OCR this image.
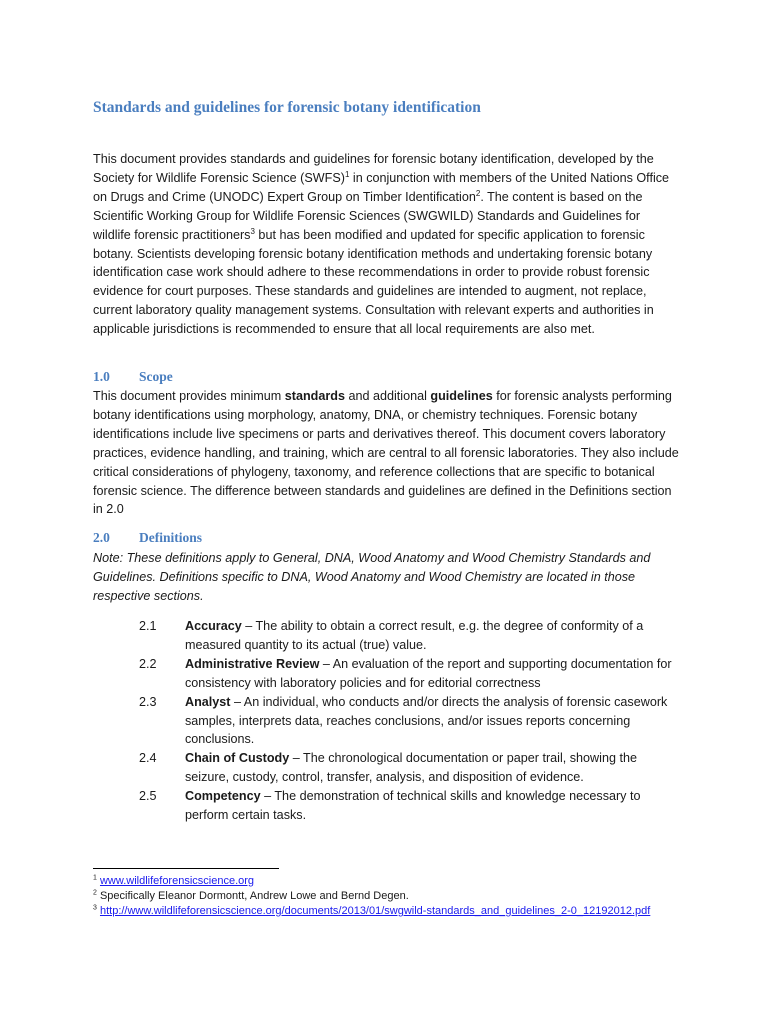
Standards and guidelines for forensic botany identification

This document provides standards and guidelines for forensic botany identification, developed by the Society for Wildlife Forensic Science (SWFS)$^1$ in conjunction with members of the United Nations Office on Drugs and Crime (UNODC) Expert Group on Timber Identification$^2$. The content is based on the Scientific Working Group for Wildlife Forensic Sciences (SWGWILD) Standards and Guidelines for wildlife forensic practitioners$^3$ but has been modified and updated for specific application to forensic botany. Scientists developing forensic botany identification methods and undertaking forensic botany identification case work should adhere to these recommendations in order to provide robust forensic evidence for court purposes. These standards and guidelines are intended to augment, not replace, current laboratory quality management systems. Consultation with relevant experts and authorities in applicable jurisdictions is recommended to ensure that all local requirements are also met.

1.0 Scope

This document provides minimum standards and additional guidelines for forensic analysts performing botany identifications using morphology, anatomy, DNA, or chemistry techniques. Forensic botany identifications include live specimens or parts and derivatives thereof. This document covers laboratory practices, evidence handling, and training, which are central to all forensic laboratories. They also include critical considerations of phylogeny, taxonomy, and reference collections that are specific to botanical forensic science. The difference between standards and guidelines are defined in the Definitions section in 2.0

2.0 Definitions

Note: These definitions apply to General, DNA, Wood Anatomy and Wood Chemistry Standards and Guidelines. Definitions specific to DNA, Wood Anatomy and Wood Chemistry are located in those respective sections.

2.1	Accuracy – The ability to obtain a correct result, e.g. the degree of conformity of a measured quantity to its actual (true) value.
2.2	Administrative Review – An evaluation of the report and supporting documentation for consistency with laboratory policies and for editorial correctness
2.3	Analyst – An individual, who conducts and/or directs the analysis of forensic casework samples, interprets data, reaches conclusions, and/or issues reports concerning conclusions.
2.4	Chain of Custody – The chronological documentation or paper trail, showing the seizure, custody, control, transfer, analysis, and disposition of evidence.
2.5	Competency – The demonstration of technical skills and knowledge necessary to perform certain tasks.
$^1$ www.wildlifeforensicscience.org
$^2$ Specifically Eleanor Dormontt, Andrew Lowe and Bernd Degen.
$^3$ http://www.wildlifeforensicscience.org/documents/2013/01/swgwild-standards_and_guidelines_2-0_12192012.pdf
